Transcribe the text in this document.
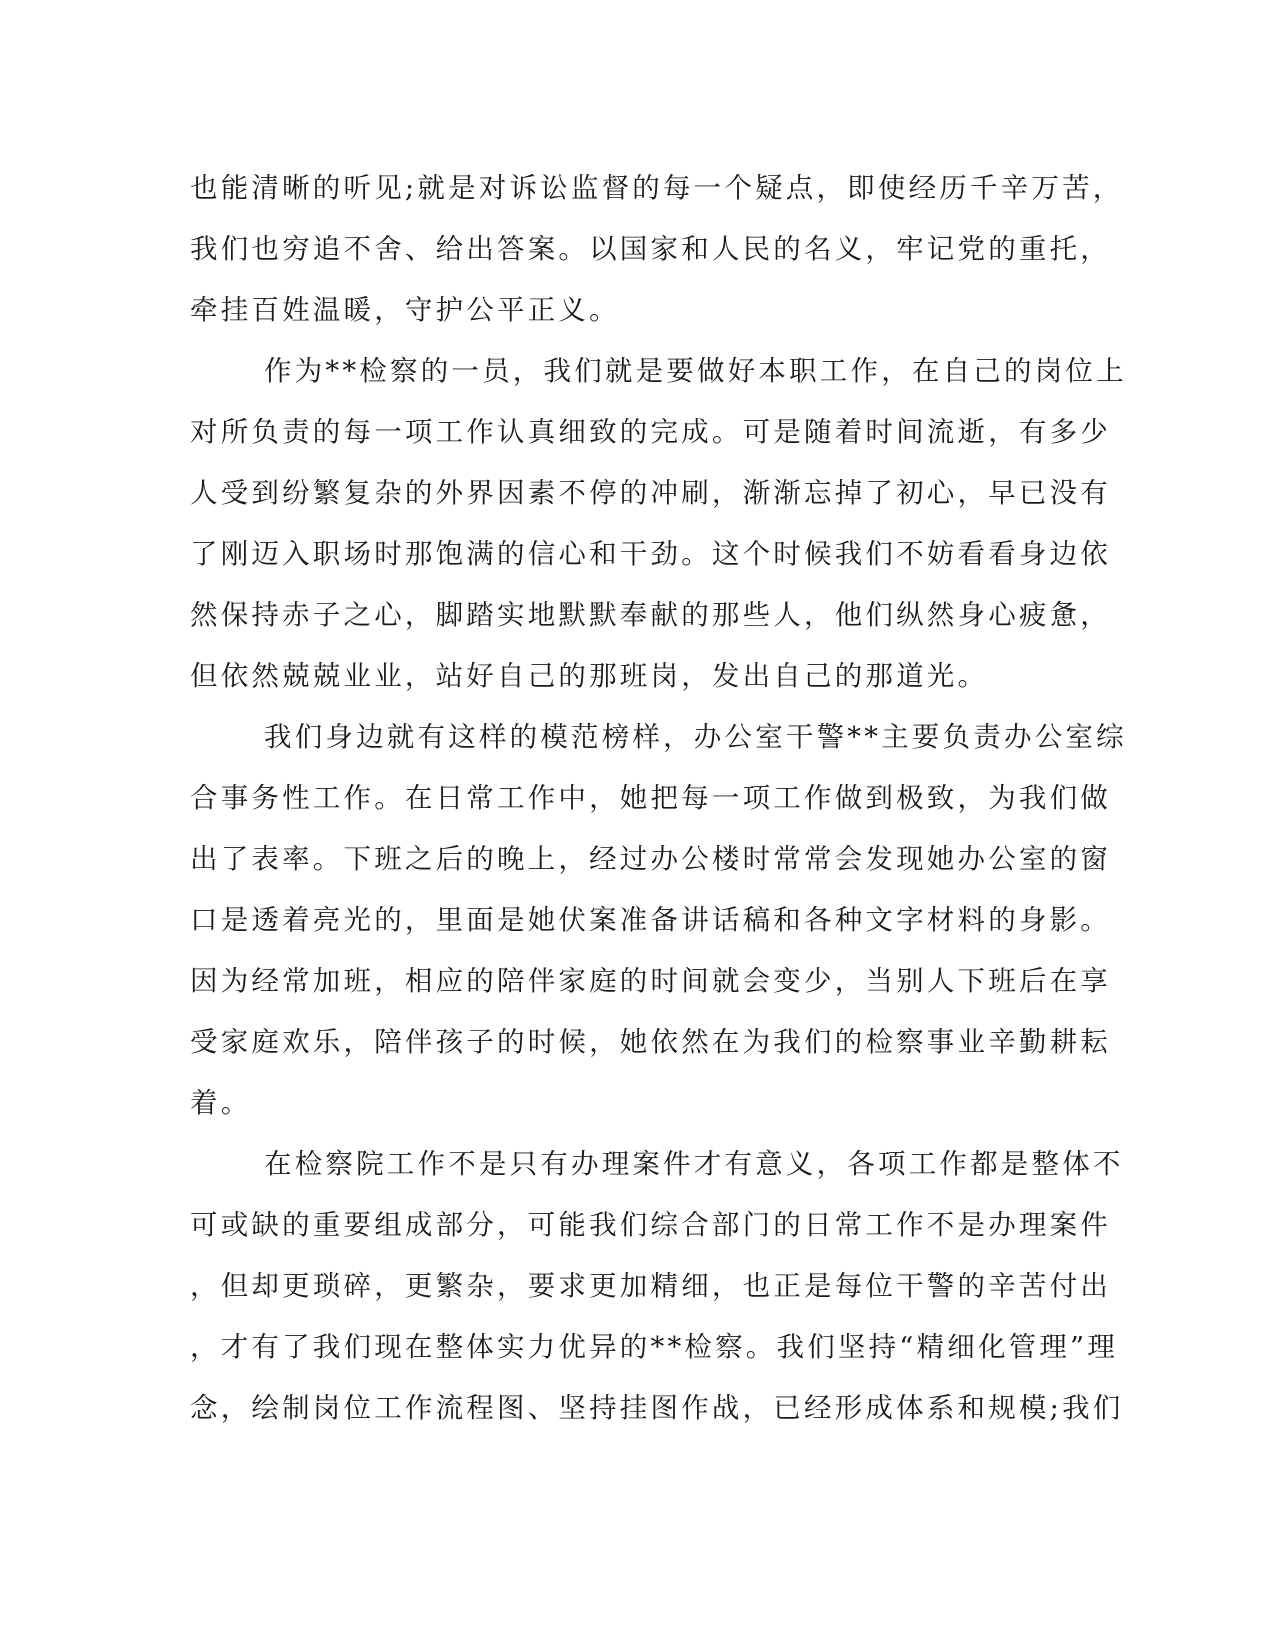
也能清晰的听见;就是对诉讼监督的每一个疑点，即使经历千辛万苦，
我们也穷追不舍、给出答案。以国家和人民的名义，牢记党的重托，
牵挂百姓温暖，守护公平正义。
作为**检察的一员，我们就是要做好本职工作，在自己的岗位上
对所负责的每一项工作认真细致的完成。可是随着时间流逝，有多少
人受到纷繁复杂的外界因素不停的冲刷，渐渐忘掉了初心，早已没有
了刚迈入职场时那饱满的信心和干劲。这个时候我们不妨看看身边依
然保持赤子之心，脚踏实地默默奉献的那些人，他们纵然身心疲惫，
但依然兢兢业业，站好自己的那班岗，发出自己的那道光。
我们身边就有这样的模范榜样，办公室干警**主要负责办公室综
合事务性工作。在日常工作中，她把每一项工作做到极致，为我们做
出了表率。下班之后的晚上，经过办公楼时常常会发现她办公室的窗
口是透着亮光的，里面是她伏案准备讲话稿和各种文字材料的身影。
因为经常加班，相应的陪伴家庭的时间就会变少，当别人下班后在享
受家庭欢乐，陪伴孩子的时候，她依然在为我们的检察事业辛勤耕耘
着。
在检察院工作不是只有办理案件才有意义，各项工作都是整体不
可或缺的重要组成部分，可能我们综合部门的日常工作不是办理案件
，但却更琐碎，更繁杂，要求更加精细，也正是每位干警的辛苦付出
，才有了我们现在整体实力优异的**检察。我们坚持“精细化管理”理
念，绘制岗位工作流程图、坚持挂图作战，已经形成体系和规模;我们
